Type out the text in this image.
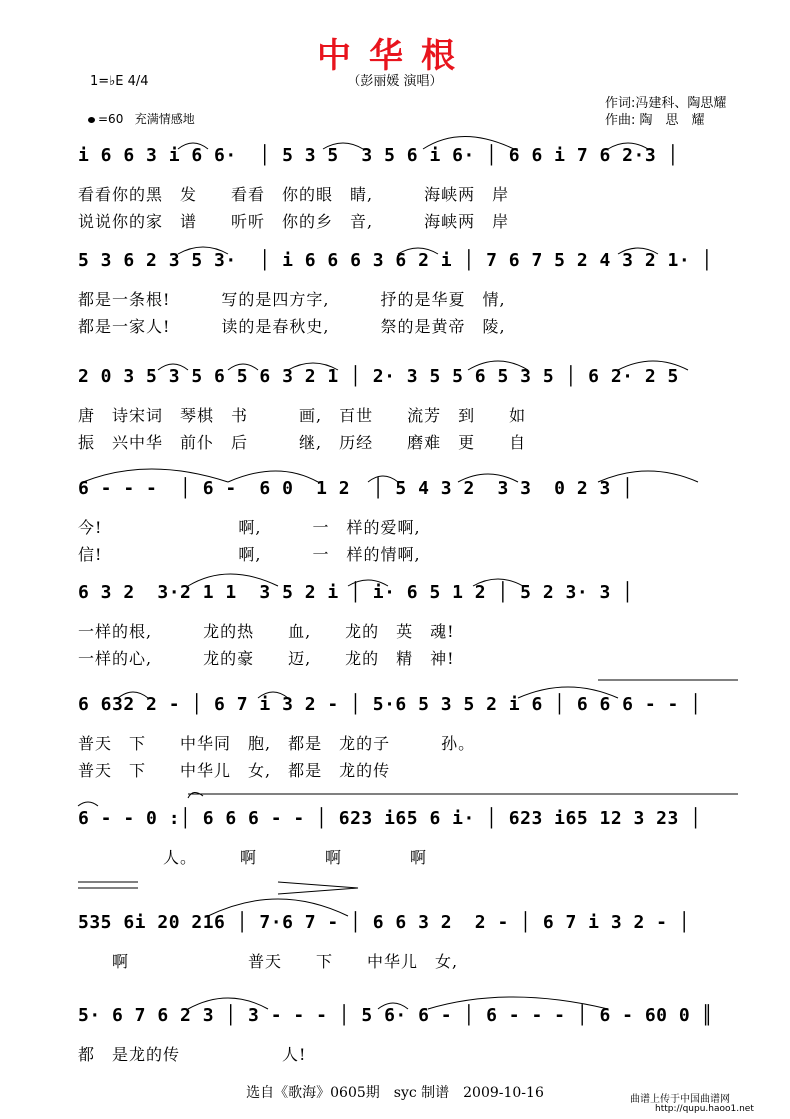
中华根
（彭丽媛 演唱）
作词:冯建科、陶思耀
作曲: 陶　思　耀
1=♭E 4/4
=60 充满情感地
i 6 6 3 i 6 6·  │ 5 3 5  3 5 6 i 6· │ 6 6 i 7 6 2·3 │
看看你的黑　发　　看看　你的眼　睛,　　　海峡两　岸
说说你的家　谱　　听听　你的乡　音,　　　海峡两　岸
5 3 6 2 3 5 3·  │ i 6 6 6 3 6 2 i │ 7 6 7 5 2 4 3 2 1· │
都是一条根!　　　写的是四方字,　　　抒的是华夏　情,
都是一家人!　　　读的是春秋史,　　　祭的是黄帝　陵,
2 0 3 5 3 5 6 5 6 3 2 1 │ 2· 3 5 5 6 5 3 5 │ 6 2· 2 5
唐　诗宋词　琴棋　书　　　画,　百世　　流芳　到　　如
振　兴中华　前仆　后　　　继,　历经　　磨难　更　　自
6 - - -  │ 6 -  6 0  1 2  │ 5 4 3 2  3 3  0 2 3 │
今!　　　　　　　　啊,　　　一　样的爱啊,
信!　　　　　　　　啊,　　　一　样的情啊,
6 3 2  3·2 1 1  3 5 2 i │ i· 6 5 1 2 │ 5 2 3· 3 │
一样的根,　　　龙的热　　血,　　龙的　英　魂!
一样的心,　　　龙的豪　　迈,　　龙的　精　神!
6 632 2 - │ 6 7 i 3 2 - │ 5·6 5 3 5 2 i 6 │ 6 6 6 - - │
普天　下　　中华同　胞,　都是　龙的子　　　孙。
普天　下　　中华儿　女,　都是　龙的传
6 - - 0 :│ 6 6 6 - - │ 623 i65 6 i· │ 623 i65 12 3 23 │
　　　　　人。　　　啊　　　　啊　　　　啊
535 6i 20 216 │ 7·6 7 - │ 6 6 3 2  2 - │ 6 7 i 3 2 - │
　　啊　　　　　　　普天　　下　　中华儿　女,
5· 6 7 6 2 3 │ 3 - - - │ 5 6· 6 - │ 6 - - - │ 6 - 60 0 ║
都　是龙的传　　　　　　人!
选自《歌海》0605期　syc 制谱　2009-10-16	曲谱上传于中国曲谱网
http://qupu.haoo1.net
